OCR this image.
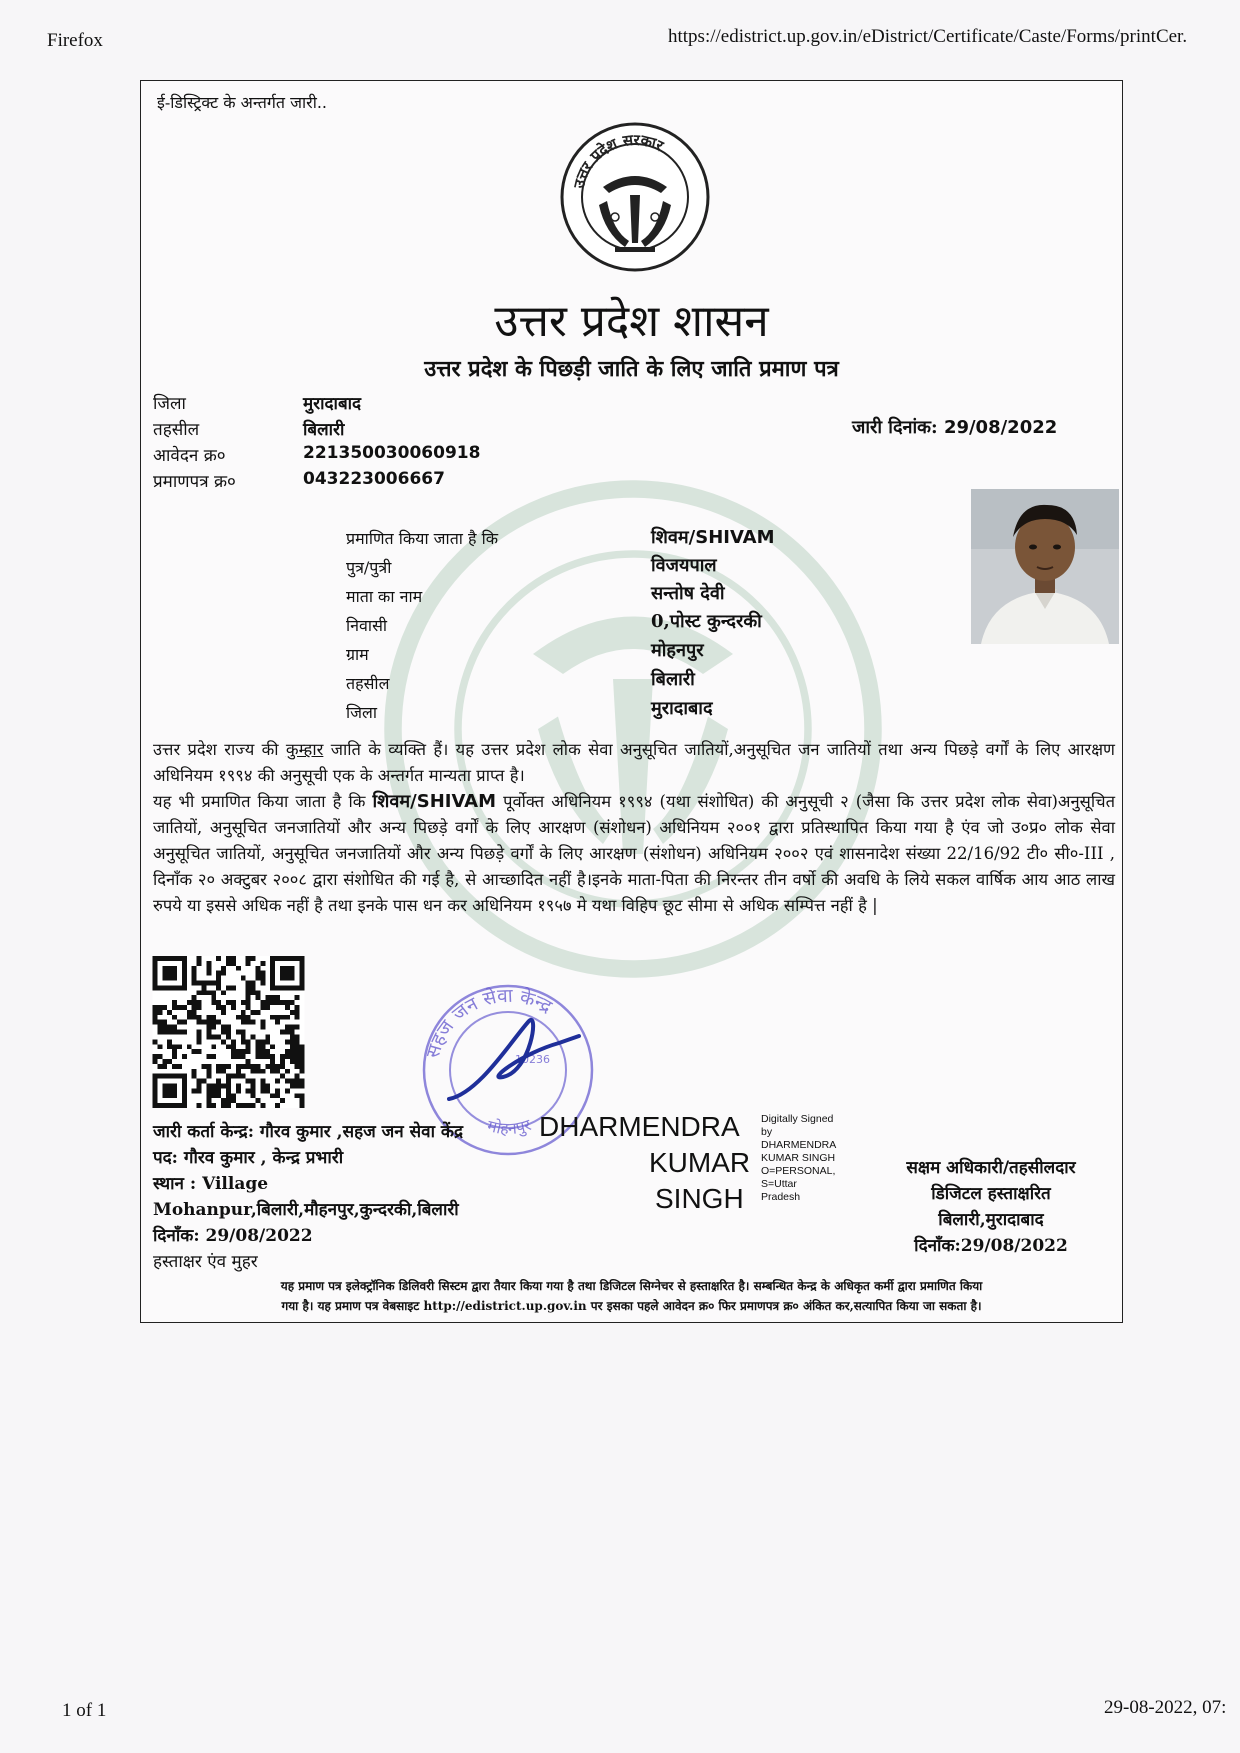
Firefox	https://edistrict.up.gov.in/eDistrict/Certificate/Caste/Forms/printCer.
ई-डिस्ट्रिक्ट के अन्तर्गत जारी..
उत्तर प्रदेश सरकार
उत्तर प्रदेश शासन
उत्तर प्रदेश के पिछड़ी जाति के लिए जाति प्रमाण पत्र
जिला	मुरादाबाद
तहसील	बिलारी
आवेदन क्र०	221350030060918
प्रमाणपत्र क्र०	043223006667
जारी दिनांक: 29/08/2022
प्रमाणित किया जाता है कि	शिवम/SHIVAM
पुत्र/पुत्री	विजयपाल
माता का नाम	सन्तोष देवी
निवासी	0,पोस्ट कुन्दरकी
ग्राम	मोहनपुर
तहसील	बिलारी
जिला	मुरादाबाद

उत्तर प्रदेश राज्य की कुम्हार जाति के व्यक्ति हैं। यह उत्तर प्रदेश लोक सेवा अनुसूचित जातियों,अनुसूचित जन जातियों तथा अन्य पिछड़े वर्गों के लिए आरक्षण अधिनियम १९९४ की अनुसूची एक के अन्तर्गत मान्यता प्राप्त है।

यह भी प्रमाणित किया जाता है कि शिवम/SHIVAM पूर्वोक्त अधिनियम १९९४ (यथा संशोधित) की अनुसूची २ (जैसा कि उत्तर प्रदेश लोक सेवा)अनुसूचित जातियों, अनुसूचित जनजातियों और अन्य पिछड़े वर्गों के लिए आरक्षण (संशोधन) अधिनियम २००१ द्वारा प्रतिस्थापित किया गया है एंव जो उ०प्र० लोक सेवा अनुसूचित जातियों, अनुसूचित जनजातियों और अन्य पिछड़े वर्गों के लिए आरक्षण (संशोधन) अधिनियम २००२ एवं शासनादेश संख्या 22/16/92 टी० सी०-III , दिनाँक २० अक्टुबर २००८ द्वारा संशोधित की गई है, से आच्छादित नहीं है।इनके माता-पिता की निरन्तर तीन वर्षो की अवधि के लिये सकल वार्षिक आय आठ लाख रुपये या इससे अधिक नहीं है तथा इनके पास धन कर अधिनियम १९५७ मे यथा विहिप छूट सीमा से अधिक सम्पित्त नहीं है |

सहज जन सेवा केन्द्र
मोहनपुर
10236
जारी कर्ता केन्द्र: गौरव कुमार ,सहज जन सेवा केंद्र
पद: गौरव कुमार , केन्द्र प्रभारी
स्थान : Village
Mohanpur,बिलारी,मौहनपुर,कुन्दरकी,बिलारी
दिनाँक: 29/08/2022
हस्ताक्षर एंव मुहर
DHARMENDRA
KUMAR
SINGH
Digitally Signed
by
DHARMENDRA
KUMAR SINGH
O=PERSONAL,
S=Uttar
Pradesh
सक्षम अधिकारी/तहसीलदार
डिजिटल हस्ताक्षरित
बिलारी,मुरादाबाद
दिनाँक:29/08/2022
यह प्रमाण पत्र इलेक्ट्रॉनिक डिलिवरी सिस्टम द्वारा तैयार किया गया है तथा डिजिटल सिग्नेचर से हस्ताक्षरित है। सम्बन्धित केन्द्र के अधिकृत कर्मी द्वारा प्रमाणित किया
गया है। यह प्रमाण पत्र वेबसाइट http://edistrict.up.gov.in पर इसका पहले आवेदन क्र० फिर प्रमाणपत्र क्र० अंकित कर,सत्यापित किया जा सकता है।
1 of 1	29-08-2022, 07:
